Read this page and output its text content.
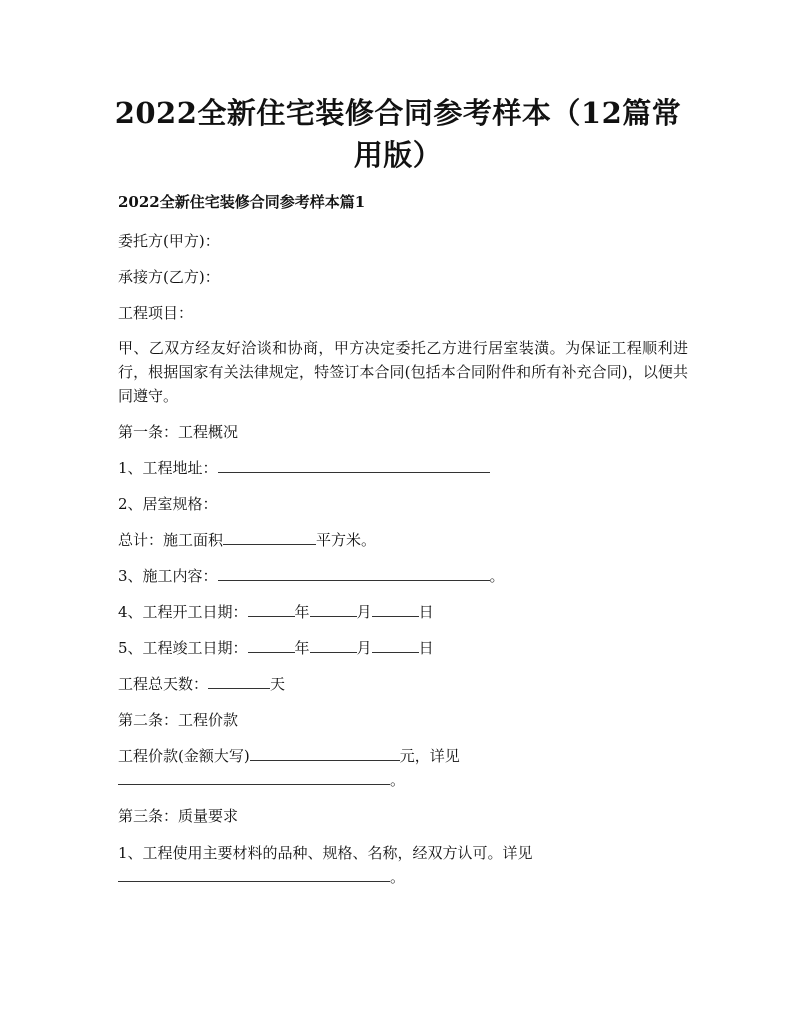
2022全新住宅装修合同参考样本（12篇常用版）
2022全新住宅装修合同参考样本篇1
委托方(甲方)：
承接方(乙方)：
工程项目：
甲、乙双方经友好洽谈和协商，甲方决定委托乙方进行居室装潢。为保证工程顺利进行，根据国家有关法律规定，特签订本合同(包括本合同附件和所有补充合同)，以便共同遵守。
第一条：工程概况
1、工程地址：
2、居室规格：
总计：施工面积	平方米。
3、施工内容：	。
4、工程开工日期：	年	月	日
5、工程竣工日期：	年	月	日
工程总天数：	天
第二条：工程价款
工程价款(金额大写)	元，详见
。
第三条：质量要求
1、工程使用主要材料的品种、规格、名称，经双方认可。详见
。
